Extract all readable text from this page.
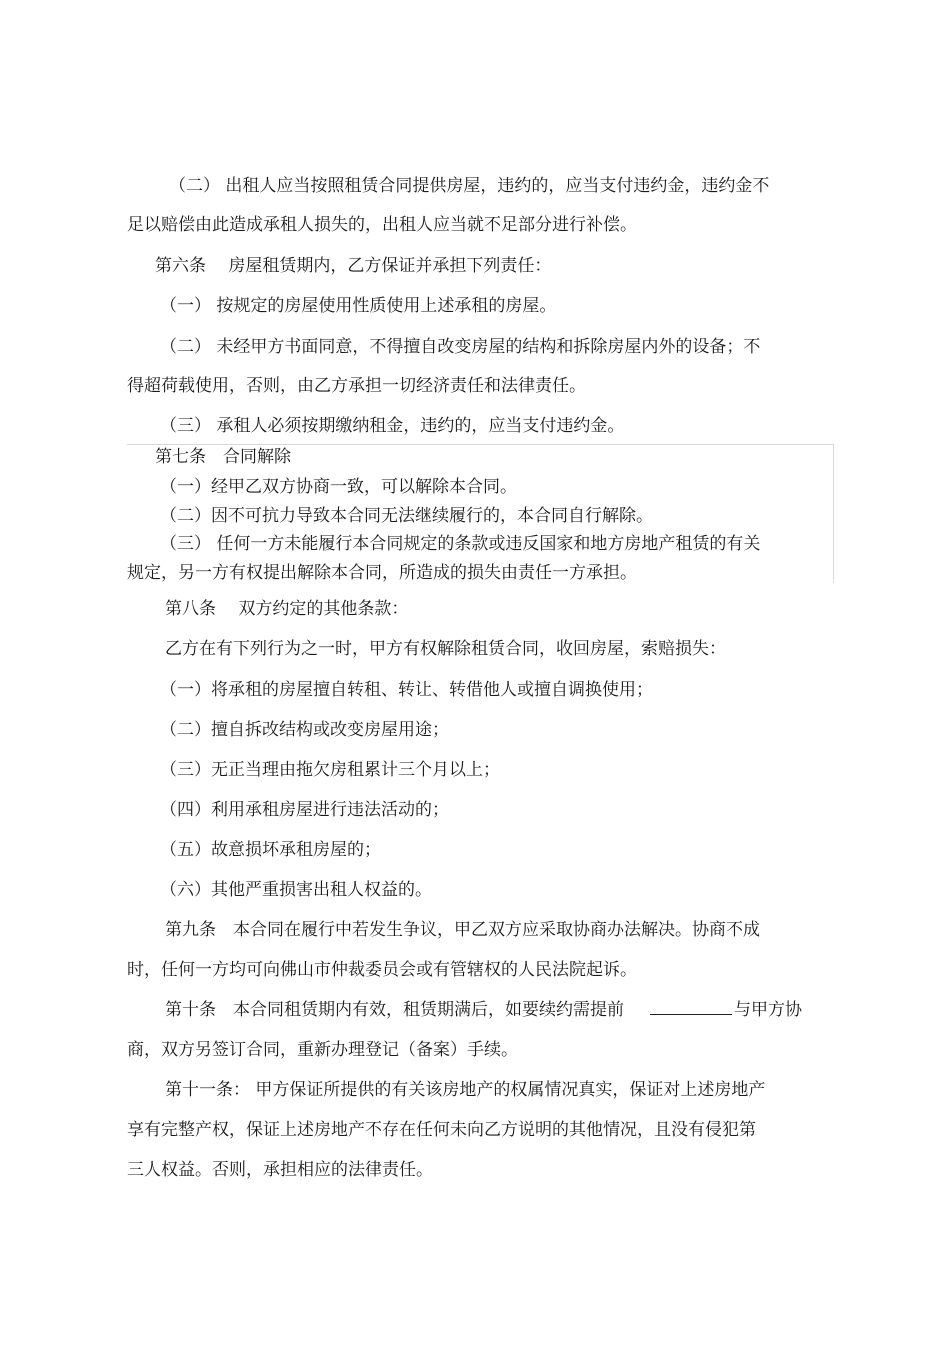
（二） 出租人应当按照租赁合同提供房屋，违约的，应当支付违约金，违约金不

足以赔偿由此造成承租人损失的，出租人应当就不足部分进行补偿。

第六条　 房屋租赁期内，乙方保证并承担下列责任：

（一） 按规定的房屋使用性质使用上述承租的房屋。

（二） 未经甲方书面同意，不得擅自改变房屋的结构和拆除房屋内外的设备；不

得超荷载使用，否则，由乙方承担一切经济责任和法律责任。

（三） 承租人必须按期缴纳租金，违约的，应当支付违约金。

第七条　合同解除

（一）经甲乙双方协商一致，可以解除本合同。

（二）因不可抗力导致本合同无法继续履行的，本合同自行解除。

（三） 任何一方未能履行本合同规定的条款或违反国家和地方房地产租赁的有关

规定，另一方有权提出解除本合同，所造成的损失由责任一方承担。

第八条　 双方约定的其他条款：

乙方在有下列行为之一时，甲方有权解除租赁合同，收回房屋，索赔损失：

（一）将承租的房屋擅自转租、转让、转借他人或擅自调换使用；

（二）擅自拆改结构或改变房屋用途；

（三）无正当理由拖欠房租累计三个月以上；

（四）利用承租房屋进行违法活动的；

（五）故意损坏承租房屋的；

（六）其他严重损害出租人权益的。

第九条　本合同在履行中若发生争议，甲乙双方应采取协商办法解决。协商不成

时，任何一方均可向佛山市仲裁委员会或有管辖权的人民法院起诉。

第十条　本合同租赁期内有效，租赁期满后，如要续约需提前	与甲方协

商，双方另签订合同，重新办理登记（备案）手续。

第十一条： 甲方保证所提供的有关该房地产的权属情况真实，保证对上述房地产

享有完整产权，保证上述房地产不存在任何未向乙方说明的其他情况，且没有侵犯第

三人权益。否则，承担相应的法律责任。
